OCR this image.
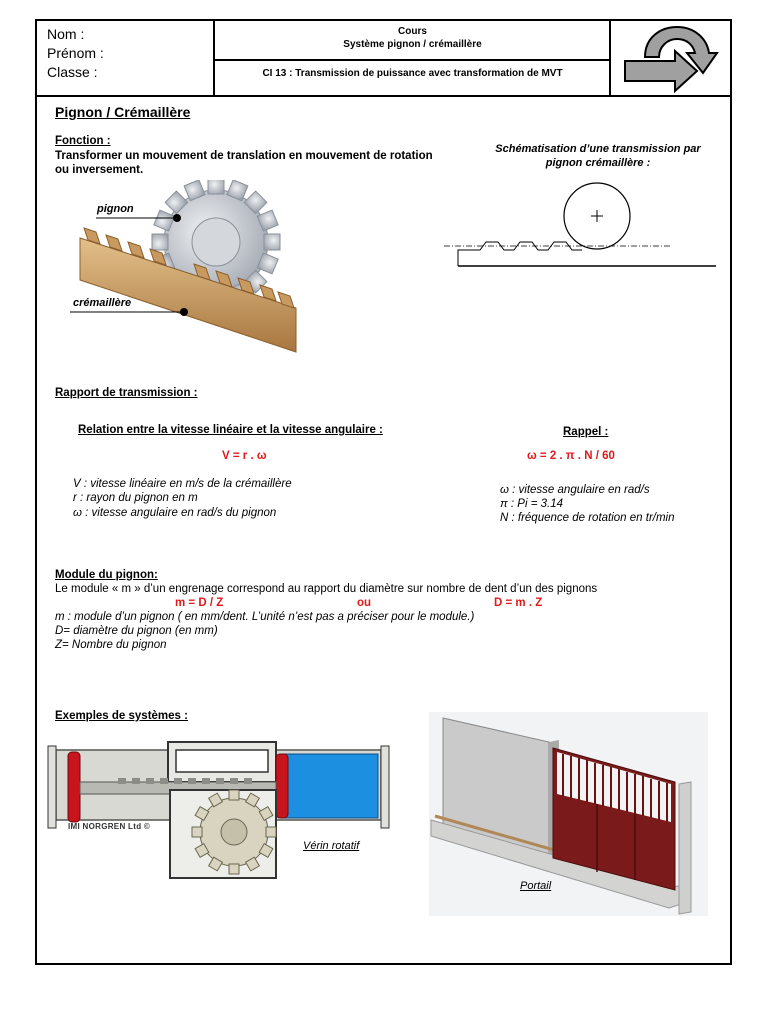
Nom :
Prénom :
Classe :
Cours
Système pignon / crémaillère
CI 13 : Transmission de puissance avec transformation de MVT
Pignon / Crémaillère
Fonction :
Transformer un mouvement de translation en mouvement de rotation ou inversement.
pignon
crémaillère
Schématisation d’une transmission par pignon crémaillère :
Rapport de transmission :
Relation entre la vitesse linéaire et la vitesse angulaire :
V = r . ω
V : vitesse linéaire en m/s de la crémaillère
r : rayon du pignon en m
ω : vitesse angulaire en rad/s du pignon
Rappel :
ω = 2 . π . N / 60
ω : vitesse angulaire en rad/s
π : Pi = 3.14
N : fréquence de rotation en tr/min
Module du pignon:
Le module « m » d’un engrenage correspond au rapport du diamètre sur nombre de dent d’un des pignons
m = D / Z	ou	D = m . Z
m : module d’un pignon ( en mm/dent. L’unité n’est pas a préciser pour le module.)
D= diamètre du pignon (en mm)
Z= Nombre du pignon
Exemples de systèmes :
IMI NORGREN Ltd ©
Vérin rotatif
Portail
